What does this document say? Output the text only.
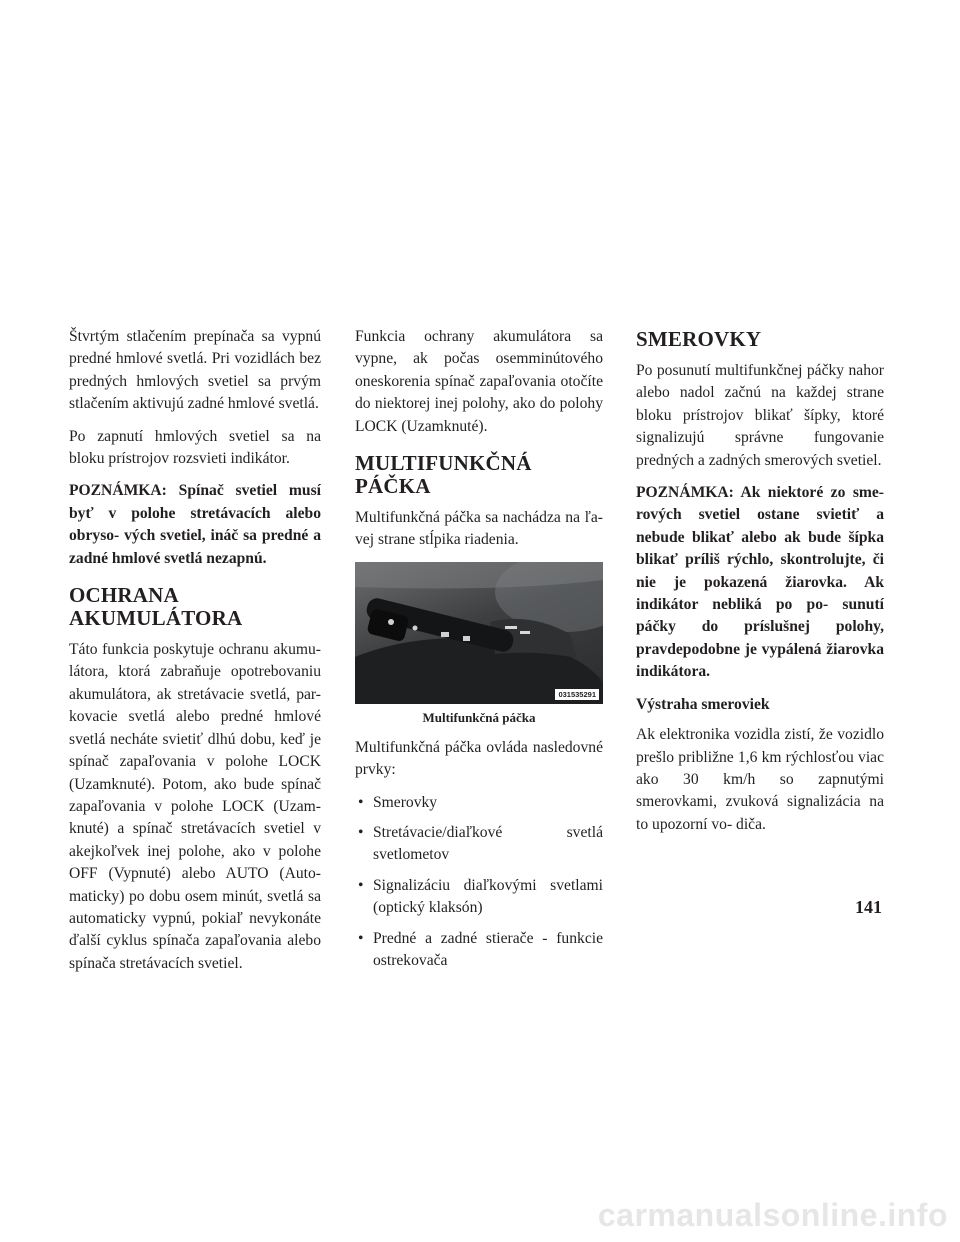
Štvrtým stlačením prepínača sa vypnú predné hmlové svetlá. Pri vozidlách bez predných hmlových svetiel sa prvým stlačením aktivujú zadné hmlové svetlá.

Po zapnutí hmlových svetiel sa na bloku prístrojov rozsvieti indikátor.

POZNÁMKA: Spínač svetiel musí byť v polohe stretávacích alebo obryso- vých svetiel, ináč sa predné a zadné hmlové svetlá nezapnú.

OCHRANA
AKUMULÁTORA

Táto funkcia poskytuje ochranu akumu- látora, ktorá zabraňuje opotrebovaniu akumulátora, ak stretávacie svetlá, par- kovacie svetlá alebo predné hmlové svetlá necháte svietiť dlhú dobu, keď je spínač zapaľovania v polohe LOCK (Uzamknuté). Potom, ako bude spínač zapaľovania v polohe LOCK (Uzam- knuté) a spínač stretávacích svetiel v akejkoľvek inej polohe, ako v polohe OFF (Vypnuté) alebo AUTO (Auto- maticky) po dobu osem minút, svetlá sa automaticky vypnú, pokiaľ nevykonáte ďalší cyklus spínača zapaľovania alebo spínača stretávacích svetiel.

Funkcia ochrany akumulátora sa vypne, ak počas osemminútového oneskorenia spínač zapaľovania otočíte do niektorej inej polohy, ako do polohy LOCK (Uzamknuté).

MULTIFUNKČNÁ PÁČKA

Multifunkčná páčka sa nachádza na ľa- vej strane stĺpika riadenia.

031535291
Multifunkčná páčka

Multifunkčná páčka ovláda nasledovné prvky:

• Smerovky
• Stretávacie/diaľkové svetlá svetlometov
• Signalizáciu diaľkovými svetlami (optický klaksón)
• Predné a zadné stierače - funkcie ostrekovača
SMEROVKY

Po posunutí multifunkčnej páčky nahor alebo nadol začnú na každej strane bloku prístrojov blikať šípky, ktoré signalizujú správne fungovanie predných a zadných smerových svetiel.

POZNÁMKA: Ak niektoré zo sme- rových svetiel ostane svietiť a nebude blikať alebo ak bude šípka blikať príliš rýchlo, skontrolujte, či nie je pokazená žiarovka. Ak indikátor nebliká po po- sunutí páčky do príslušnej polohy, pravdepodobne je vypálená žiarovka indikátora.

Výstraha smeroviek

Ak elektronika vozidla zistí, že vozidlo prešlo približne 1,6 km rýchlosťou viac ako 30 km/h so zapnutými smerovkami, zvuková signalizácia na to upozorní vo- diča.

141
carmanualsonline.info
